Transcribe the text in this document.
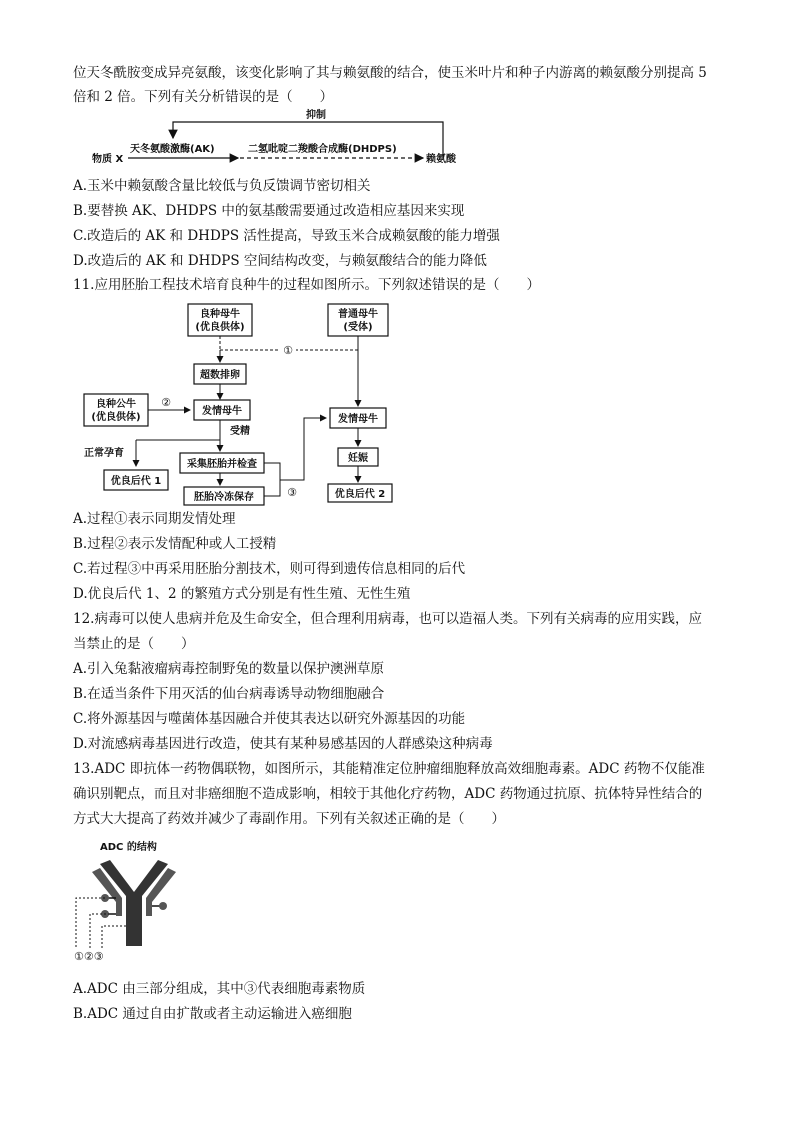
位天冬酰胺变成异亮氨酸，该变化影响了其与赖氨酸的结合，使玉米叶片和种子内游离的赖氨酸分别提高 5
倍和 2 倍。下列有关分析错误的是（　　）
抑制
物质 X
天冬氨酸激酶(AK)	二氢吡啶二羧酸合成酶(DHDPS)
赖氨酸
A.玉米中赖氨酸含量比较低与负反馈调节密切相关
B.要替换 AK、DHDPS 中的氨基酸需要通过改造相应基因来实现
C.改造后的 AK 和 DHDPS 活性提高，导致玉米合成赖氨酸的能力增强
D.改造后的 AK 和 DHDPS 空间结构改变，与赖氨酸结合的能力降低
11.应用胚胎工程技术培育良种牛的过程如图所示。下列叙述错误的是（　　）
良种母牛
(优良供体)
普通母牛
(受体)
①
超数排卵
良种公牛
(优良供体)
②
发情母牛
受精
正常孕育
优良后代 1
采集胚胎并检查
胚胎冷冻保存	③
发情母牛
妊娠
优良后代 2
A.过程①表示同期发情处理
B.过程②表示发情配种或人工授精
C.若过程③中再采用胚胎分割技术，则可得到遗传信息相同的后代
D.优良后代 1、2 的繁殖方式分别是有性生殖、无性生殖
12.病毒可以使人患病并危及生命安全，但合理利用病毒，也可以造福人类。下列有关病毒的应用实践，应
当禁止的是（　　）
A.引入兔黏液瘤病毒控制野兔的数量以保护澳洲草原
B.在适当条件下用灭活的仙台病毒诱导动物细胞融合
C.将外源基因与噬菌体基因融合并使其表达以研究外源基因的功能
D.对流感病毒基因进行改造，使其有某种易感基因的人群感染这种病毒
13.ADC 即抗体一药物偶联物，如图所示，其能精准定位肿瘤细胞释放高效细胞毒素。ADC 药物不仅能准
确识别靶点，而且对非癌细胞不造成影响，相较于其他化疗药物，ADC 药物通过抗原、抗体特异性结合的
方式大大提高了药效并减少了毒副作用。下列有关叙述正确的是（　　）
ADC 的结构
①②③
A.ADC 由三部分组成，其中③代表细胞毒素物质
B.ADC 通过自由扩散或者主动运输进入癌细胞
